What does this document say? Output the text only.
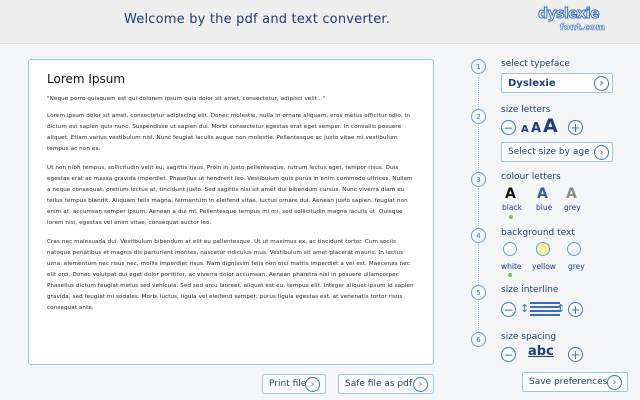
Welcome by the pdf and text converter.	dyslexie
font.com
Lorem Ipsum
"Neque porro quisquam est qui dolorem ipsum quia dolor sit amet, consectetur, adipisci velit..."
Lorem ipsum dolor sit amet, consectetur adipiscing elit. Donec molestie, nulla in ornare aliquam, eros metus efficitur odio, in dictum est sapien quis nunc. Suspendisse ut sapien dui. Morbi consectetur egestas erat eget semper. In convallis posuere aliquet. Etiam varius vestibulum nisl. Nunc feugiat iaculis augue non molestie. Pellentesque ac justo vitae mi vestibulum tempus ac non ex.
Ut non nibh tempus, sollicitudin velit eu, sagittis risus. Proin in justo pellentesque, rutrum lectus eget, tempor risus. Duis egestas erat ac massa gravida imperdiet. Phasellus ut hendrerit leo. Vestibulum quis purus in enim commodo ultrices. Nullam a neque consequat, pretium lectus at, tincidunt justo. Sed sagittis nisi sit amet dui bibendum cursus. Nunc viverra diam eu tellus tempus blandit. Aliquam felis magna, fermentum in eleifend vitae, luctus ornare dui. Aenean justo sapien, feugiat non enim at, accumsan semper ipsum. Aenean a dui mi. Pellentesque tempus mi mi, sed sollicitudin magna iaculis ut. Quisque lorem nisi, egestas vel enim vitae, consequat auctor leo.
Cras nec malesuada dui. Vestibulum bibendum at elit eu pellentesque. Ut ut maximus ex, ac tincidunt tortor. Cum sociis natoque penatibus et magnis dis parturient montes, nascetur ridiculus mus. Vestibulum sit amet placerat mauris. In lectus urna, elementum nec risus nec, mollis imperdiet risus. Nam dignissim felis non orci mattis imperdiet a vel est. Maecenas nec elit orci. Donec volutpat dui eget dolor porttitor, ac viverra dolor accumsan. Aenean pharetra nisl in posuere ullamcorper. Phasellus dictum feugiat metus sed vehicula. Sed sed arcu laoreet, aliquet est eu, tempus elit. Integer aliquet ipsum id sapien gravida, sed feugiat mi sodales. Morbi luctus, ligula vel eleifend semper, purus ligula egestas est, at venenatis tortor risus consequat ante.
Print file ›	Safe file as pdf ›	Save preferences ›
1	select typeface
Dyslexie	›
2
size letters
− A A A +
Select size by age ›
3	colour letters
A A A
black blue grey
4	background text
white yellow grey
5	size interline
− ↕ ↕ +
6	size spacing
− abc +
